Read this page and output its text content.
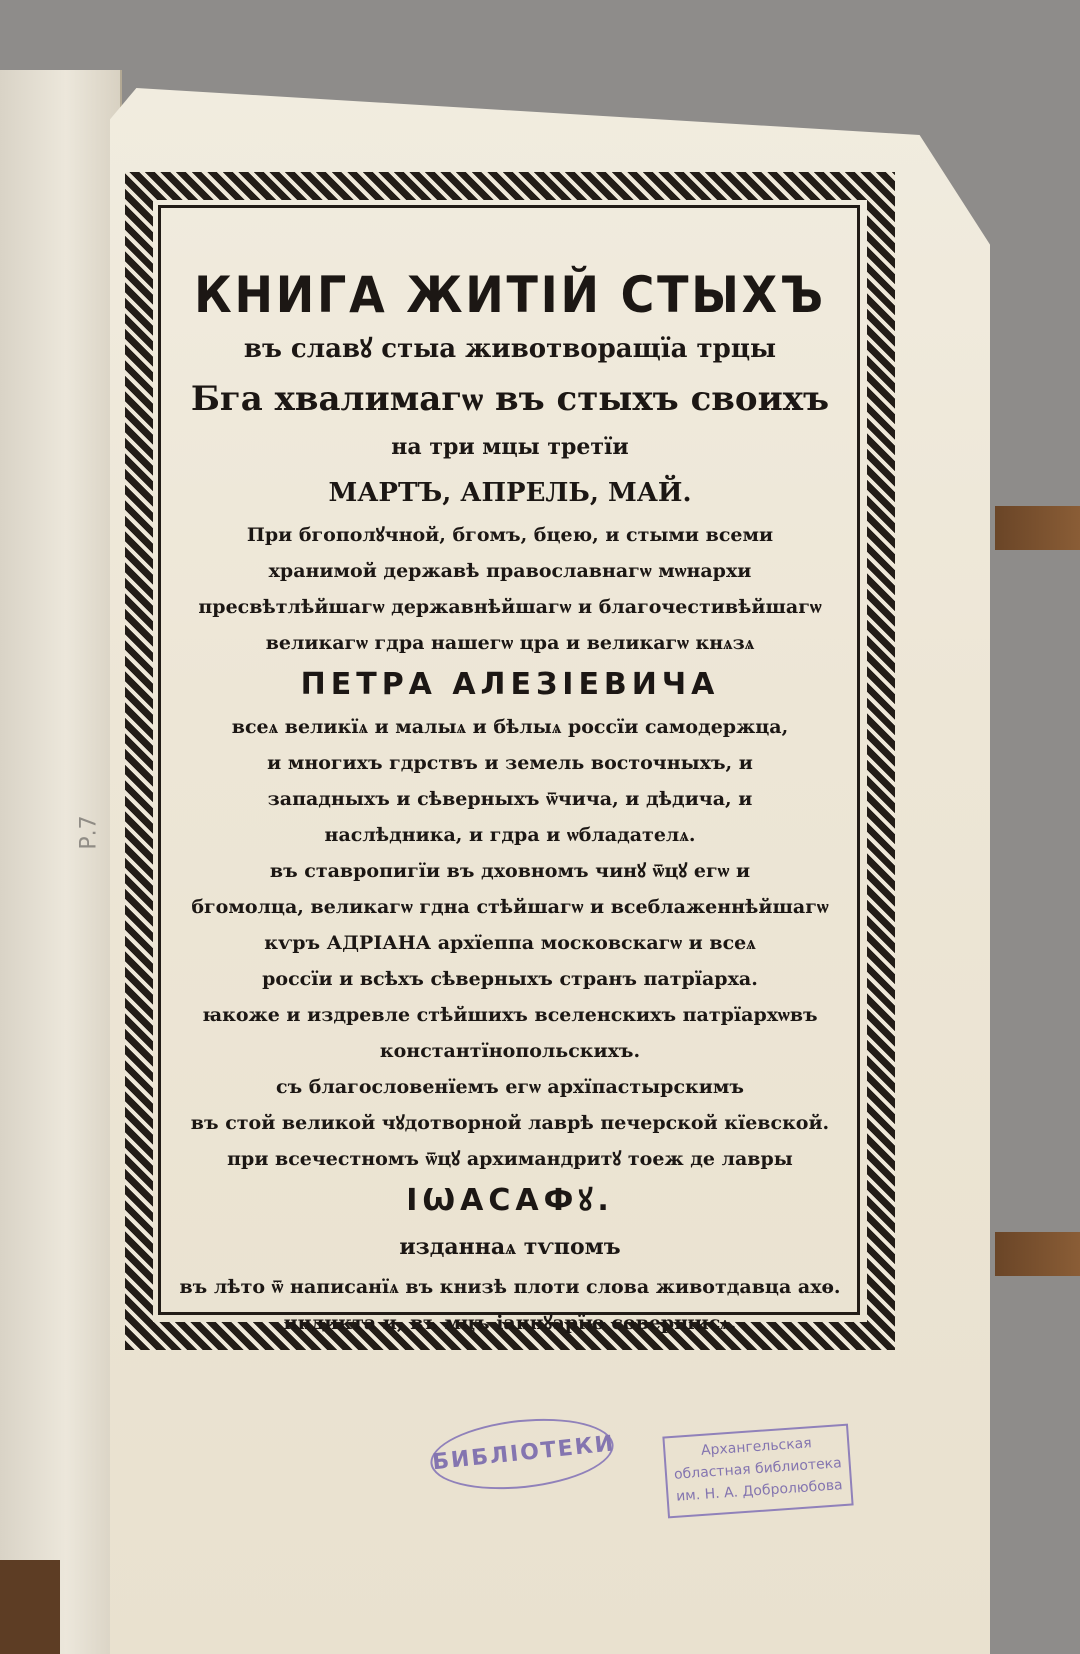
Р.7
КНИГА ЖИТІЙ СТЫХЪ
въ славꙋ стыа животворащїа трцы
Бга хвалимагѡ въ стыхъ своихъ
на три мцы третїи
МАРТЪ, АПРЕЛЬ, МАЙ.
При бгополꙋчной, бгомъ, бцею, и стыми всеми
хранимой державѣ православнагѡ мѡнархи
пресвѣтлѣйшагѡ державнѣйшагѡ и благочестивѣйшагѡ
великагѡ гдра нашегѡ цра и великагѡ кнѧзѧ
ПЕТРА АЛЕЗІЕВИЧА
всеѧ великїѧ и малыѧ и бѣлыѧ россїи самодержца,
и многихъ гдрствъ и земель восточныхъ, и
западныхъ и сѣверныхъ ѿчича, и дѣдича, и
наслѣдника, и гдра и ѡбладателѧ.
въ ставропигїи въ дховномъ чинꙋ ѿцꙋ егѡ и
бгомолца, великагѡ гдна стѣйшагѡ и всеблаженнѣйшагѡ
кѵръ АДРІАНА архїеппа московскагѡ и всеѧ
россїи и всѣхъ сѣверныхъ странъ патрїарха.
ꙗкоже и издревле стѣйшихъ вселенскихъ патрїархѡвъ
константїнопольскихъ.
съ благословенїемъ егѡ архїпастырскимъ
въ стой великой чꙋдотворной лаврѣ печерской кїевской.
при всечестномъ ѿцꙋ архимандритꙋ тоеж де лавры
ІѠАСАФꙋ.
изданнаѧ тѵпомъ
въ лѣто ѿ написанїѧ въ книзѣ плоти слова животдавца ахѳ.
индикта и, въ мцъ іаннꙋарїю совершисѧ.
БИБЛІОТЕКИ	Архангельская
областная библиотека
им. Н. А. Добролюбова
